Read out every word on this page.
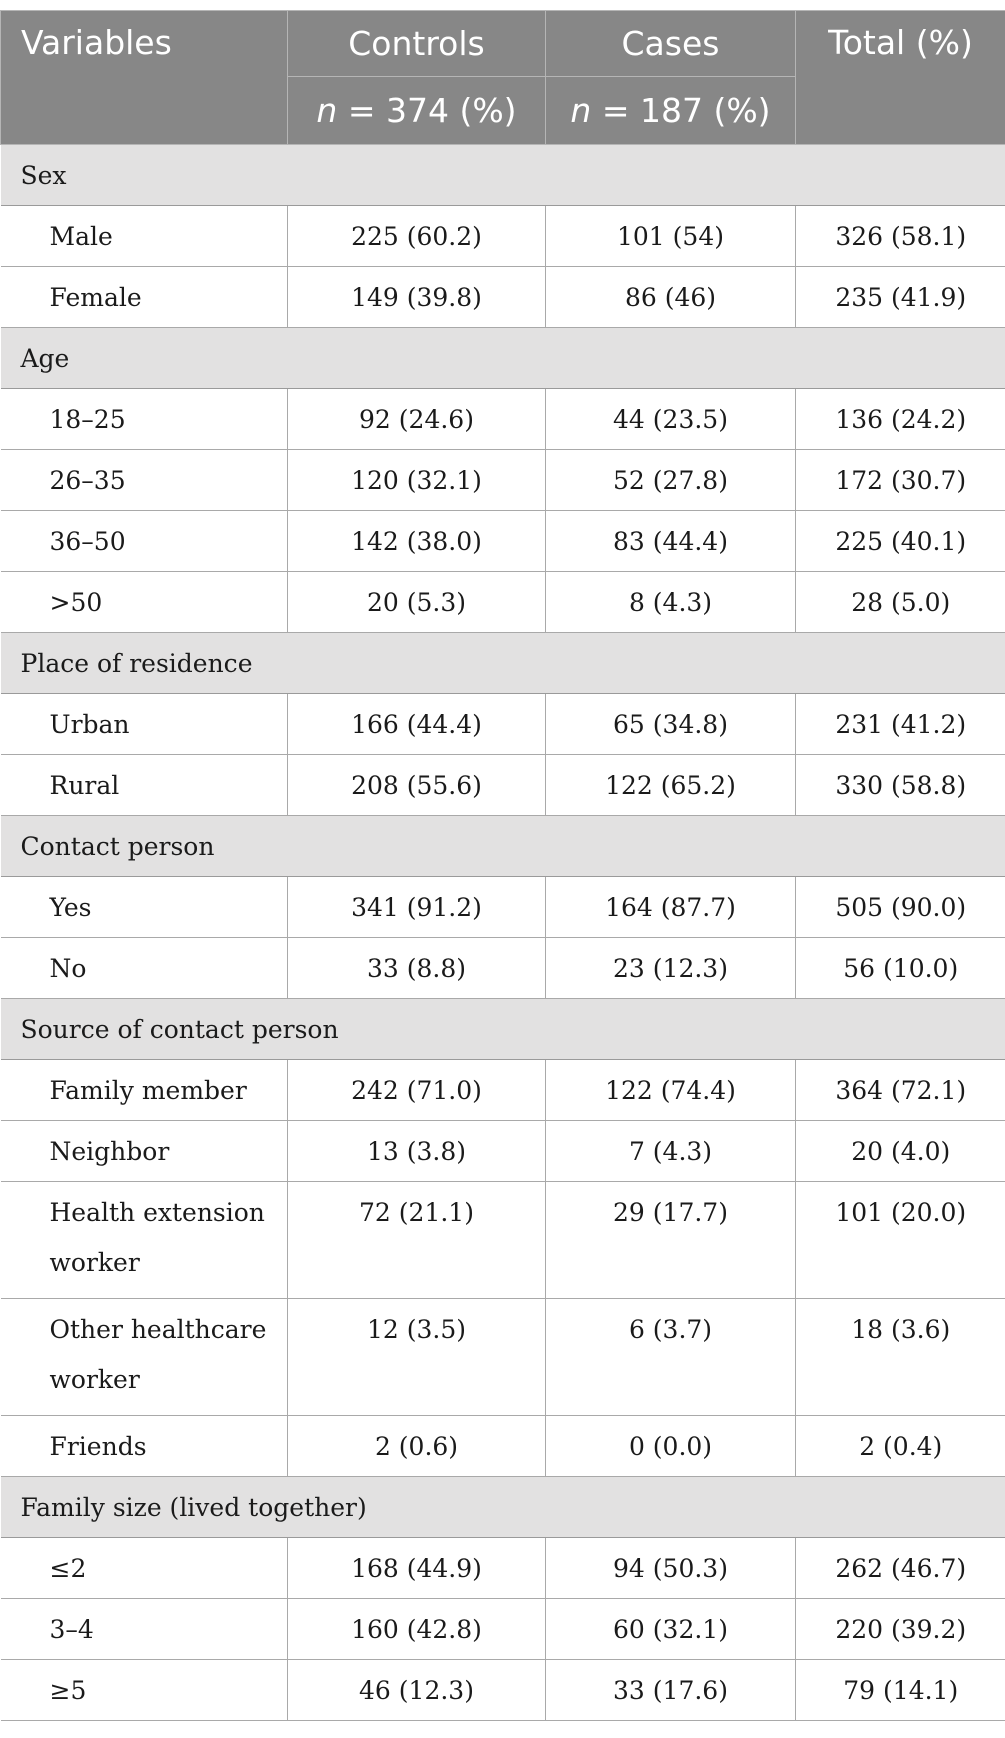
Variables	Controls	Cases	Total (%)
	n = 374 (%)	n = 187 (%)	
Sex			
Male	225 (60.2)	101 (54)	326 (58.1)
Female	149 (39.8)	86 (46)	235 (41.9)
Age			
18–25	92 (24.6)	44 (23.5)	136 (24.2)
26–35	120 (32.1)	52 (27.8)	172 (30.7)
36–50	142 (38.0)	83 (44.4)	225 (40.1)
>50	20 (5.3)	8 (4.3)	28 (5.0)
Place of residence			
Urban	166 (44.4)	65 (34.8)	231 (41.2)
Rural	208 (55.6)	122 (65.2)	330 (58.8)
Contact person			
Yes	341 (91.2)	164 (87.7)	505 (90.0)
No	33 (8.8)	23 (12.3)	56 (10.0)
Source of contact person			
Family member	242 (71.0)	122 (74.4)	364 (72.1)
Neighbor	13 (3.8)	7 (4.3)	20 (4.0)
Health extension worker	72 (21.1)	29 (17.7)	101 (20.0)
Other healthcare worker	12 (3.5)	6 (3.7)	18 (3.6)
Friends	2 (0.6)	0 (0.0)	2 (0.4)
Family size (lived together)			
≤2	168 (44.9)	94 (50.3)	262 (46.7)
3–4	160 (42.8)	60 (32.1)	220 (39.2)
≥5	46 (12.3)	33 (17.6)	79 (14.1)
